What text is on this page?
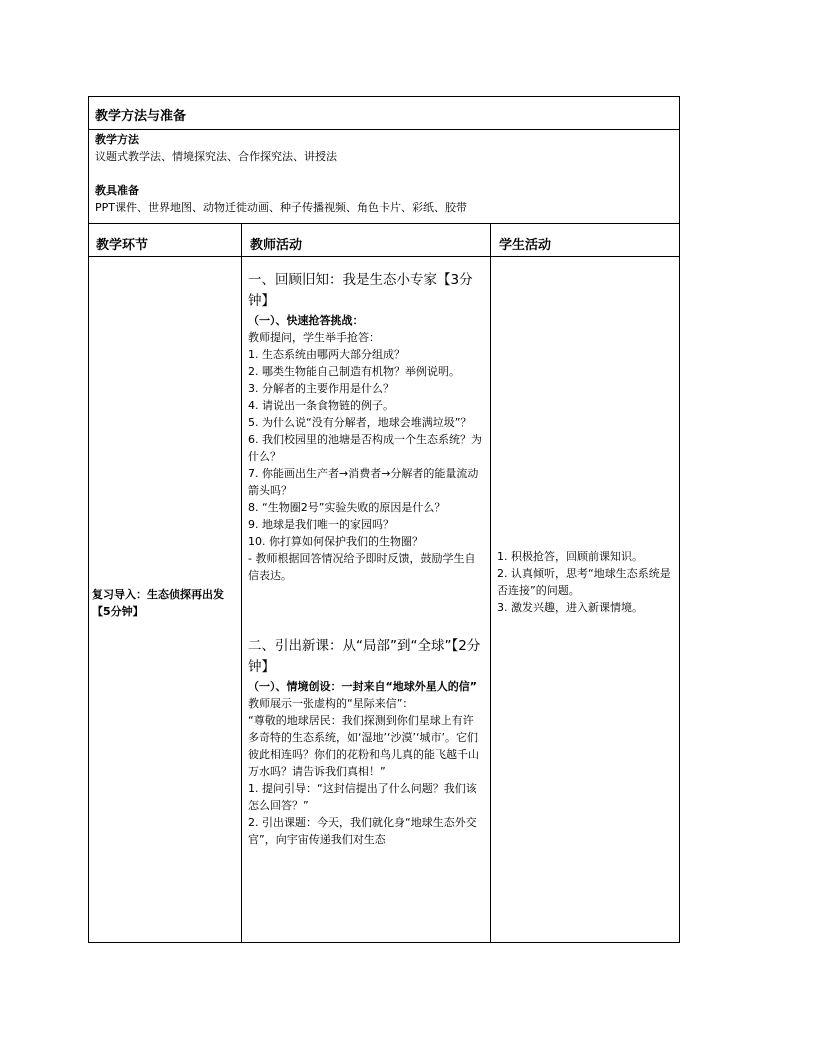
教学方法与准备
教学方法
议题式教学法、情境探究法、合作探究法、讲授法
教具准备
PPT课件、世界地图、动物迁徙动画、种子传播视频、角色卡片、彩纸、胶带
教学环节	教师活动	学生活动
复习导入：生态侦探再出发【5分钟】
一、回顾旧知：我是生态小专家【3分钟】
（一）、快速抢答挑战：
教师提问，学生举手抢答：
1. 生态系统由哪两大部分组成？
2. 哪类生物能自己制造有机物？举例说明。
3. 分解者的主要作用是什么？
4. 请说出一条食物链的例子。
5. 为什么说“没有分解者，地球会堆满垃圾”？
6. 我们校园里的池塘是否构成一个生态系统？为什么？
7. 你能画出生产者→消费者→分解者的能量流动箭头吗？
8. “生物圈2号”实验失败的原因是什么？
9. 地球是我们唯一的家园吗？
10. 你打算如何保护我们的生物圈？
- 教师根据回答情况给予即时反馈，鼓励学生自信表达。
二、引出新课：从“局部”到“全球”【2分钟】
（一）、情境创设：一封来自“地球外星人的信”
教师展示一张虚构的“星际来信”：
“尊敬的地球居民：我们探测到你们星球上有许多奇特的生态系统，如‘湿地’‘沙漠’‘城市’。它们彼此相连吗？你们的花粉和鸟儿真的能飞越千山万水吗？请告诉我们真相！”
1. 提问引导：“这封信提出了什么问题？我们该怎么回答？”
2. 引出课题：今天，我们就化身“地球生态外交官”，向宇宙传递我们对生态
1. 积极抢答，回顾前课知识。
2. 认真倾听，思考“地球生态系统是否连接”的问题。
3. 激发兴趣，进入新课情境。
